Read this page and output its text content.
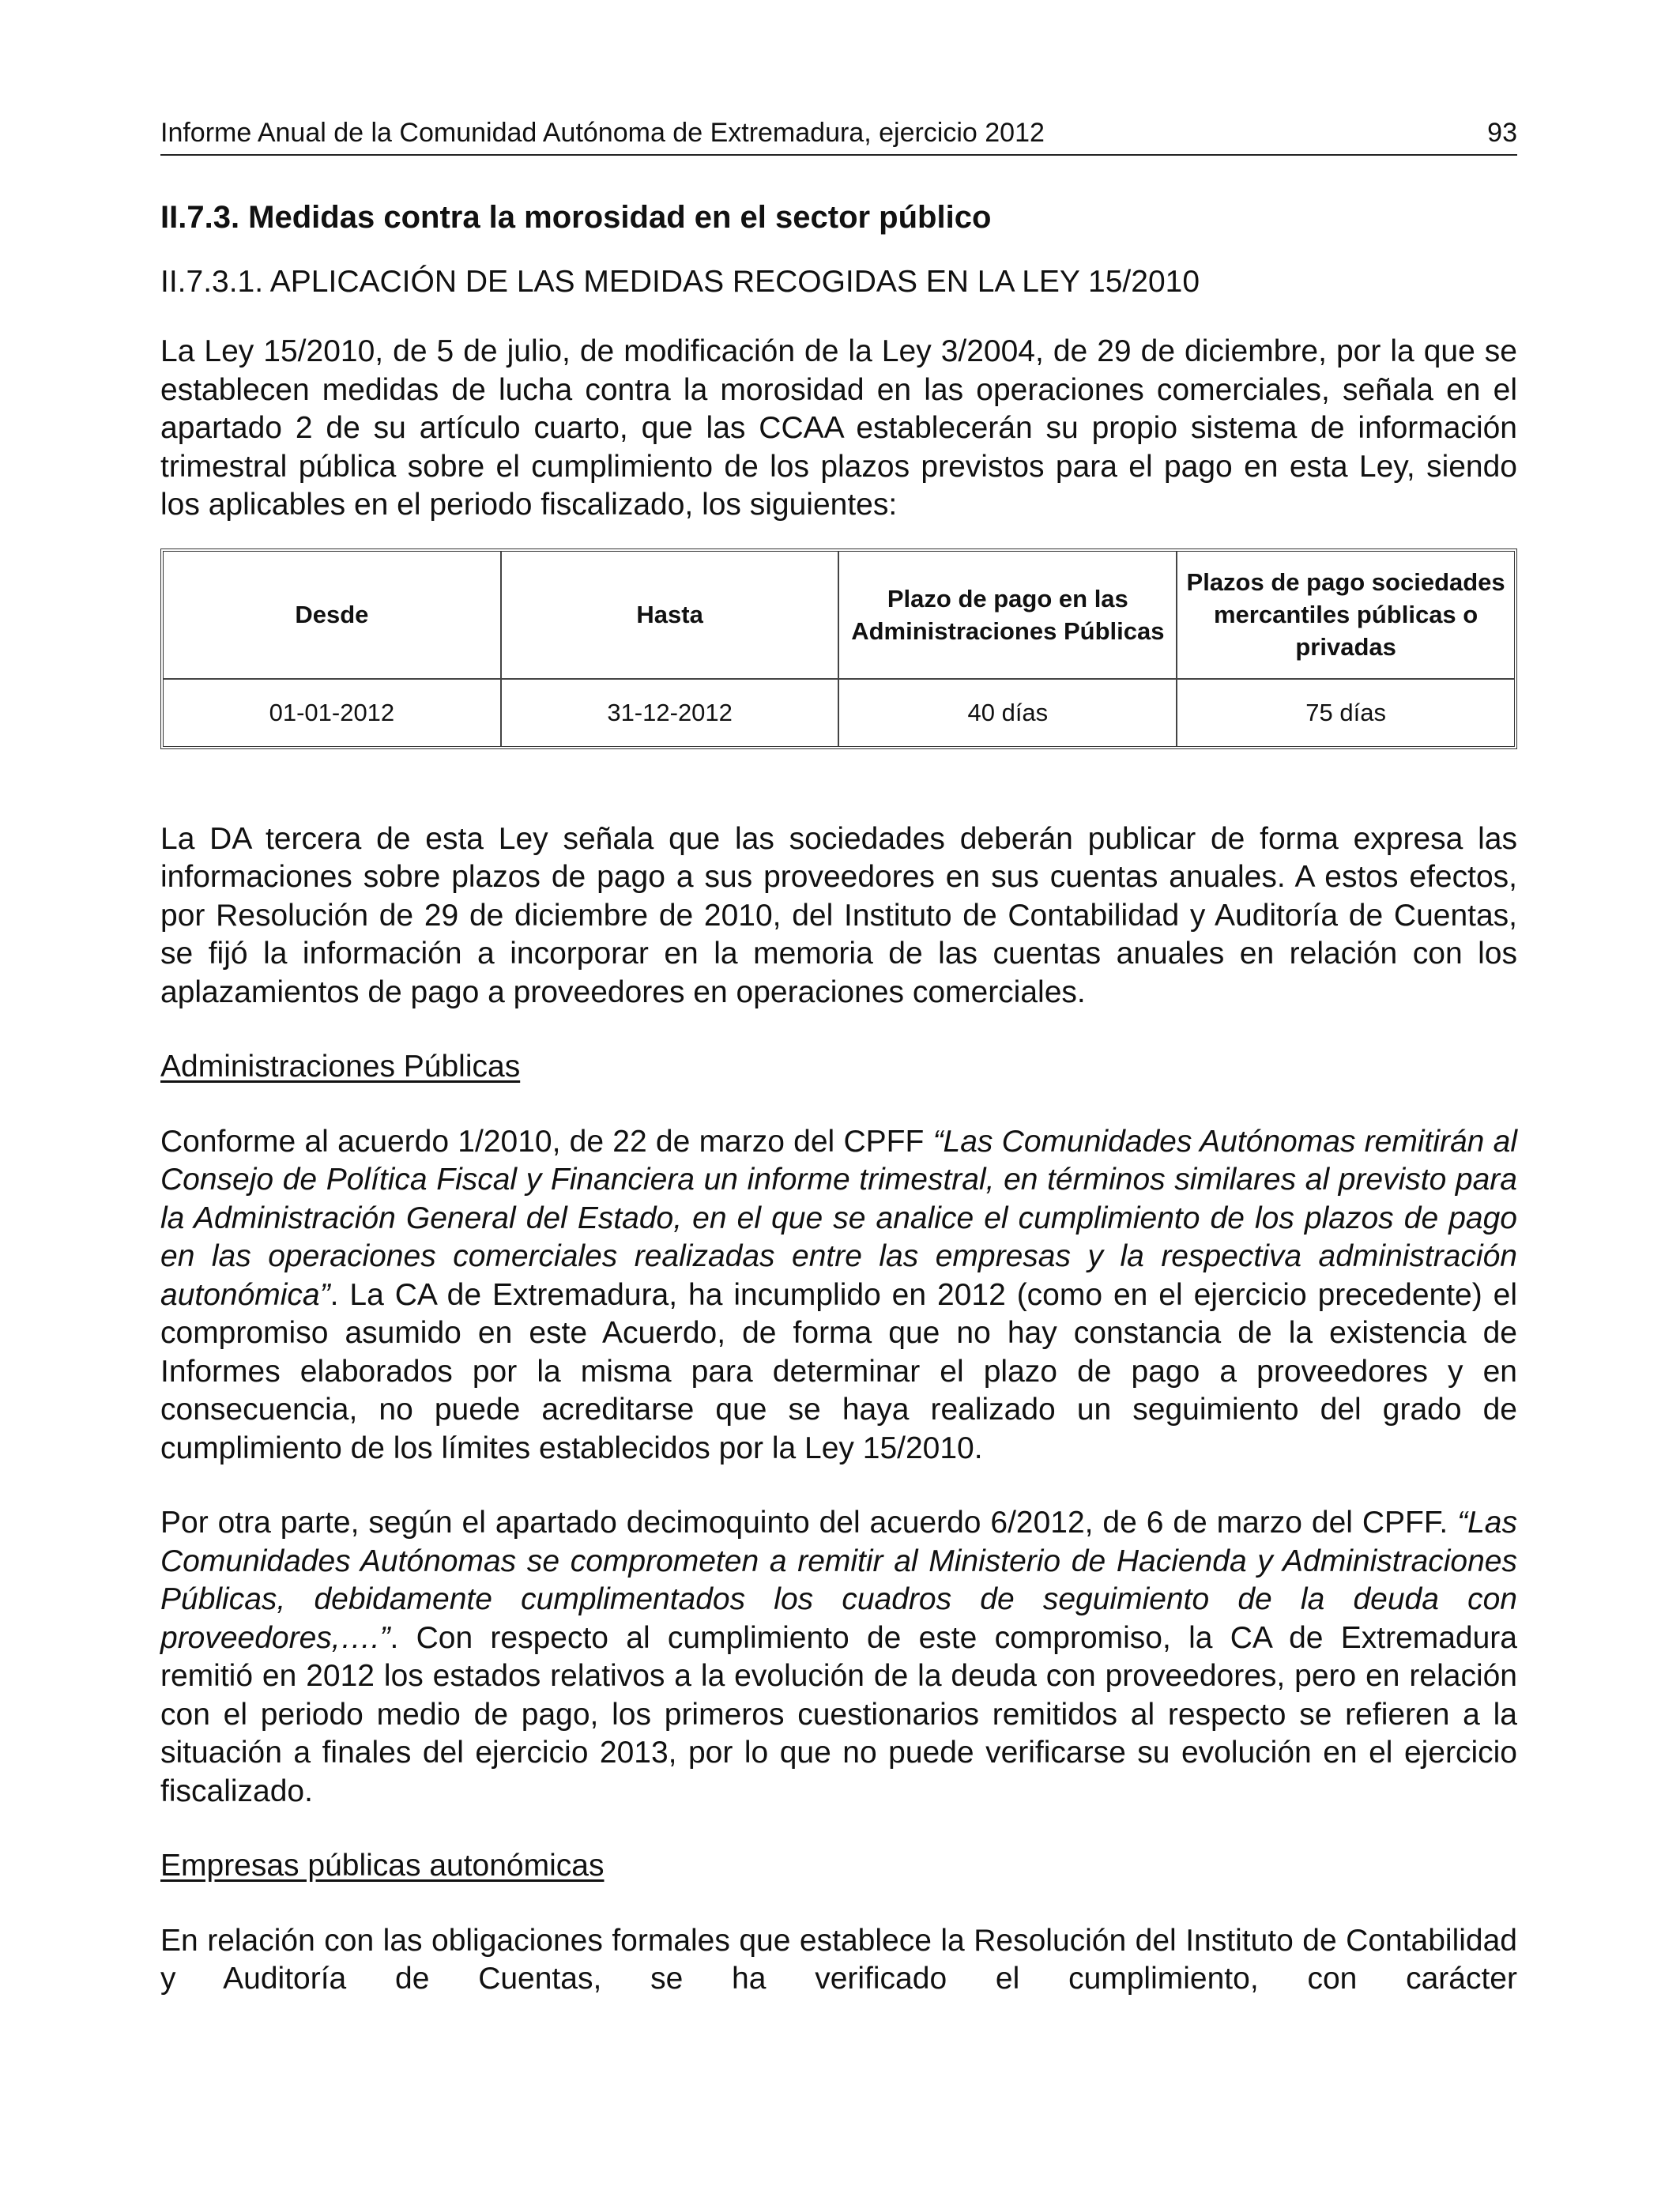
Informe Anual de la Comunidad Autónoma de Extremadura, ejercicio 2012	93
II.7.3. Medidas contra la morosidad en el sector público
II.7.3.1. APLICACIÓN DE LAS MEDIDAS RECOGIDAS EN LA LEY 15/2010

La Ley 15/2010, de 5 de julio, de modificación de la Ley 3/2004, de 29 de diciembre, por la que se establecen medidas de lucha contra la morosidad en las operaciones comerciales, señala en el apartado 2 de su artículo cuarto, que las CCAA establecerán su propio sistema de información trimestral pública sobre el cumplimiento de los plazos previstos para el pago en esta Ley, siendo los aplicables en el periodo fiscalizado, los siguientes:

Desde	Hasta	Plazo de pago en las Administraciones Públicas	Plazos de pago sociedades mercantiles públicas o privadas
01-01-2012	31-12-2012	40 días	75 días

La DA tercera de esta Ley señala que las sociedades deberán publicar de forma expresa las informaciones sobre plazos de pago a sus proveedores en sus cuentas anuales. A estos efectos, por Resolución de 29 de diciembre de 2010, del Instituto de Contabilidad y Auditoría de Cuentas, se fijó la información a incorporar en la memoria de las cuentas anuales en relación con los aplazamientos de pago a proveedores en operaciones comerciales.

Administraciones Públicas

Conforme al acuerdo 1/2010, de 22 de marzo del CPFF “Las Comunidades Autónomas remitirán al Consejo de Política Fiscal y Financiera un informe trimestral, en términos similares al previsto para la Administración General del Estado, en el que se analice el cumplimiento de los plazos de pago en las operaciones comerciales realizadas entre las empresas y la respectiva administración autonómica”. La CA de Extremadura, ha incumplido en 2012 (como en el ejercicio precedente) el compromiso asumido en este Acuerdo, de forma que no hay constancia de la existencia de Informes elaborados por la misma para determinar el plazo de pago a proveedores y en consecuencia, no puede acreditarse que se haya realizado un seguimiento del grado de cumplimiento de los límites establecidos por la Ley 15/2010.

Por otra parte, según el apartado decimoquinto del acuerdo 6/2012, de 6 de marzo del CPFF. “Las Comunidades Autónomas se comprometen a remitir al Ministerio de Hacienda y Administraciones Públicas, debidamente cumplimentados los cuadros de seguimiento de la deuda con proveedores,….”. Con respecto al cumplimiento de este compromiso, la CA de Extremadura remitió en 2012 los estados relativos a la evolución de la deuda con proveedores, pero en relación con el periodo medio de pago, los primeros cuestionarios remitidos al respecto se refieren a la situación a finales del ejercicio 2013, por lo que no puede verificarse su evolución en el ejercicio fiscalizado.

Empresas públicas autonómicas

En relación con las obligaciones formales que establece la Resolución del Instituto de Contabilidad y Auditoría de Cuentas, se ha verificado el cumplimiento, con carácter
